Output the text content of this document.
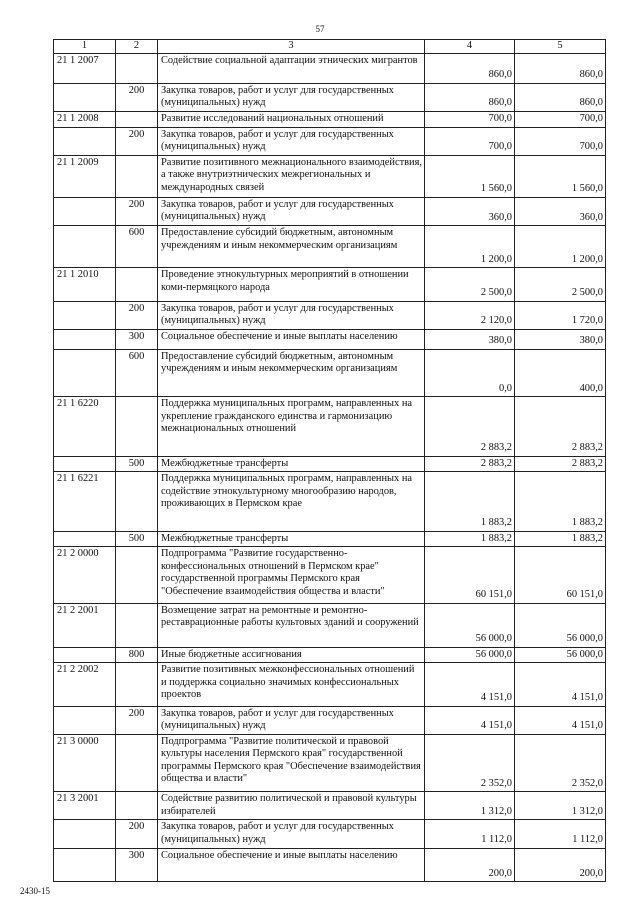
57
1	2	3	4	5
21 1 2007		Содействие социальной адаптации этнических мигрантов	860,0	860,0
	200	Закупка товаров, работ и услуг для государственных (муниципальных) нужд	860,0	860,0
21 1 2008		Развитие исследований национальных отношений	700,0	700,0
	200	Закупка товаров, работ и услуг для государственных (муниципальных) нужд	700,0	700,0
21 1 2009		Развитие позитивного межнационального взаимодействия, а также внутриэтнических межрегиональных и международных связей	1 560,0	1 560,0
	200	Закупка товаров, работ и услуг для государственных (муниципальных) нужд	360,0	360,0
	600	Предоставление субсидий бюджетным, автономным учреждениям и иным некоммерческим организациям	1 200,0	1 200,0
21 1 2010		Проведение этнокультурных мероприятий в отношении коми-пермяцкого народа	2 500,0	2 500,0
	200	Закупка товаров, работ и услуг для государственных (муниципальных) нужд	2 120,0	1 720,0
	300	Социальное обеспечение и иные выплаты населению	380,0	380,0
	600	Предоставление субсидий бюджетным, автономным учреждениям и иным некоммерческим организациям	0,0	400,0
21 1 6220		Поддержка муниципальных программ, направленных на укрепление гражданского единства и гармонизацию межнациональных отношений	2 883,2	2 883,2
	500	Межбюджетные трансферты	2 883,2	2 883,2
21 1 6221		Поддержка муниципальных программ, направленных на содействие этнокультурному многообразию народов, проживающих в Пермском крае	1 883,2	1 883,2
	500	Межбюджетные трансферты	1 883,2	1 883,2
21 2 0000		Подпрограмма "Развитие государственно-конфессиональных отношений в Пермском крае" государственной программы Пермского края "Обеспечение взаимодействия общества и власти"	60 151,0	60 151,0
21 2 2001		Возмещение затрат на ремонтные и ремонтно-реставрационные работы культовых зданий и сооружений	56 000,0	56 000,0
	800	Иные бюджетные ассигнования	56 000,0	56 000,0
21 2 2002		Развитие позитивных межконфессиональных отношений и поддержка социально значимых конфессиональных проектов	4 151,0	4 151,0
	200	Закупка товаров, работ и услуг для государственных (муниципальных) нужд	4 151,0	4 151,0
21 3 0000		Подпрограмма "Развитие политической и правовой культуры населения Пермского края" государственной программы Пермского края "Обеспечение взаимодействия общества и власти"	2 352,0	2 352,0
21 3 2001		Содействие развитию политической и правовой культуры избирателей	1 312,0	1 312,0
	200	Закупка товаров, работ и услуг для государственных (муниципальных) нужд	1 112,0	1 112,0
	300	Социальное обеспечение и иные выплаты населению	200,0	200,0
2430-15
